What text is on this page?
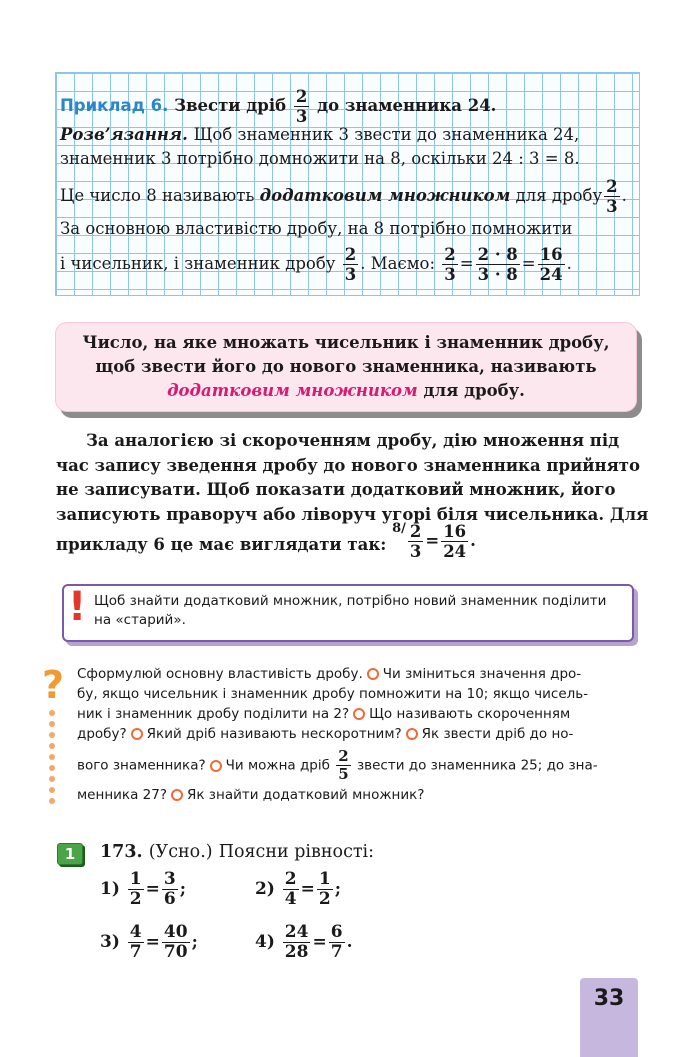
Приклад 6. Звести дріб $\frac{2}{3}$ до знаменника 24.
Розв’язання. Щоб знаменник 3 звести до знаменника 24,
знаменник 3 потрібно домножити на 8, оскільки 24 : 3 = 8.
Це число 8 називають додатковим множником для дробу $\frac{2}{3}$ .
За основною властивістю дробу, на 8 потрібно помножити
і чисельник, і знаменник дробу $\frac{2}{3}$ . Маємо: $\frac{2}{3} = \frac{2 \cdot 8}{3 \cdot 8} = \frac{16}{24}$ .
Число, на яке множать чисельник і знаменник дробу,
щоб звести його до нового знаменника, називають
додатковим множником для дробу.
За аналогією зі скороченням дробу, дію множення під
час запису зведення дробу до нового знаменника прийнято
не записувати. Щоб показати додатковий множник, його
записують праворуч або ліворуч угорі біля чисельника. Для
прикладу 6 це має виглядати так: $^{8/} \frac{2}{3} = \frac{16}{24}$ .
! Щоб знайти додатковий множник, потрібно новий знаменник поділити на «старий».
? Сформулюй основну властивість дробу. Чи зміниться значення дро-
бу, якщо чисельник і знаменник дробу помножити на 10; якщо чисель-
ник і знаменник дробу поділити на 2? Що називають скороченням
дробу? Який дріб називають нескоротним? Як звести дріб до но-
вого знаменника? Чи можна дріб $\frac{2}{5}$ звести до знаменника 25; до зна-
менника 27? Як знайти додатковий множник?
1	173. (Усно.) Поясни рівності:
$1) \frac{1}{2} = \frac{3}{6}$ ;	$2) \frac{2}{4} = \frac{1}{2}$ ;
$3) \frac{4}{7} = \frac{40}{70}$ ;	$4) \frac{24}{28} = \frac{6}{7}$ .
33
